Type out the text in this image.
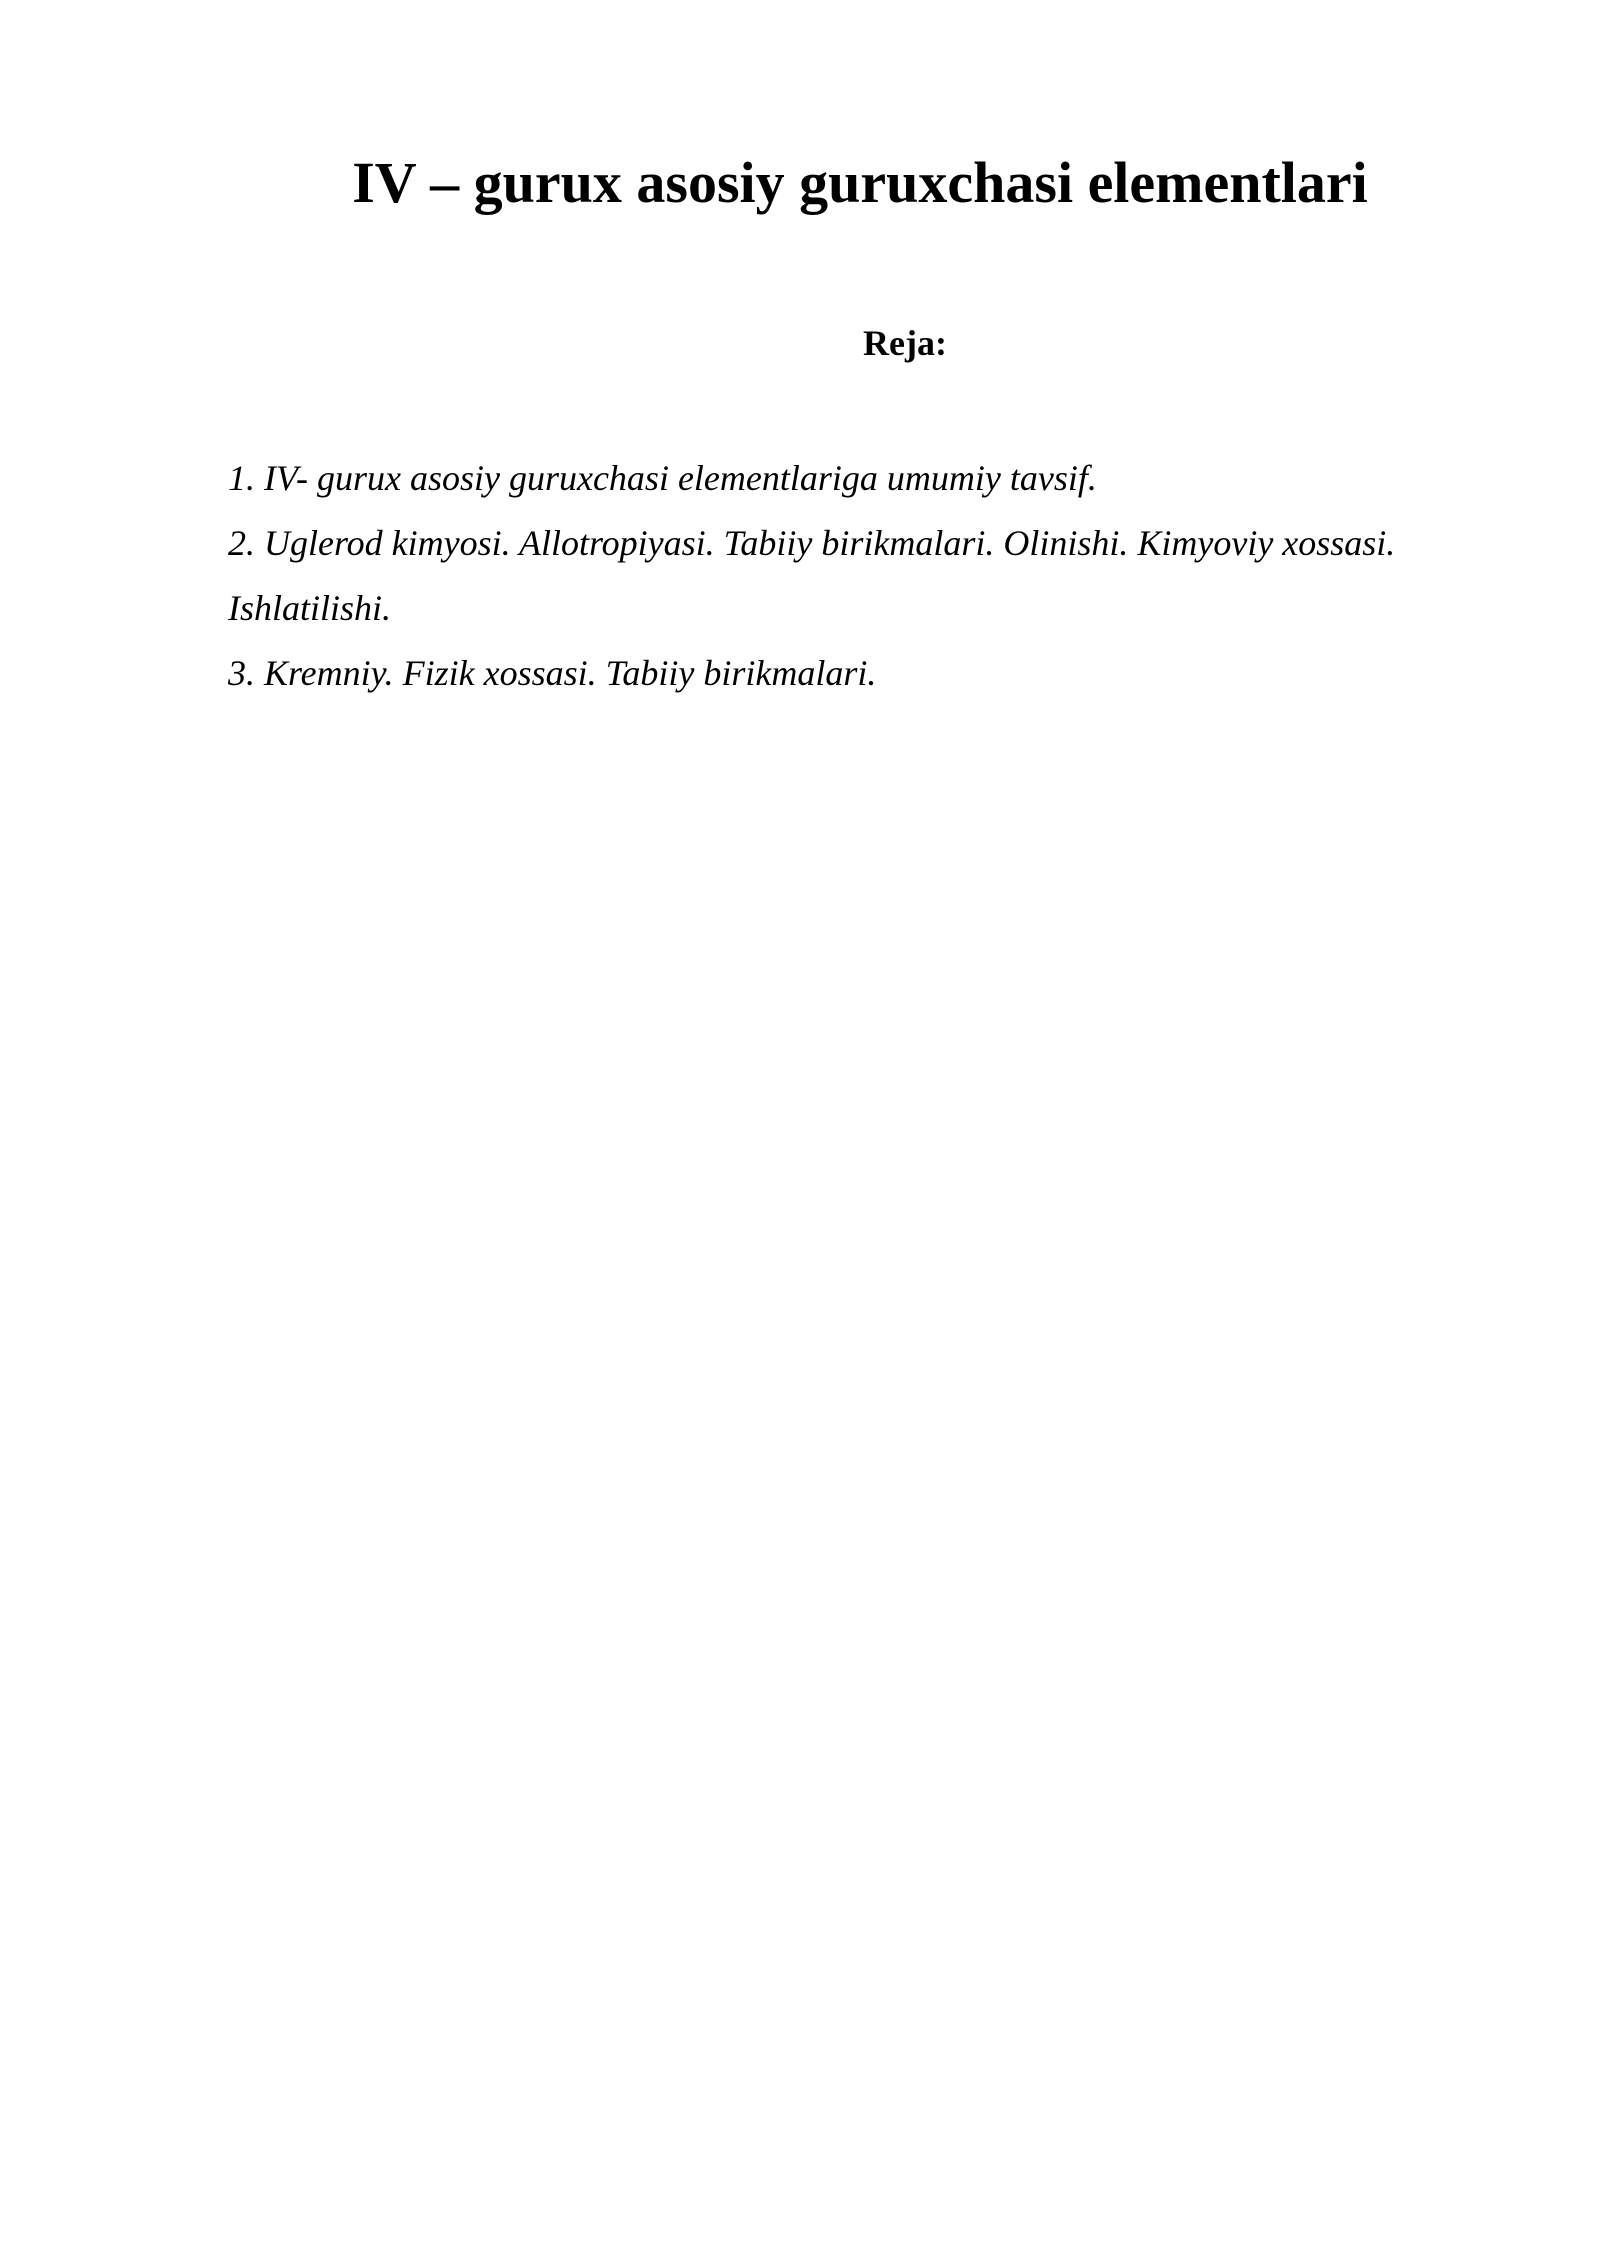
IV – gurux asosiy guruxchasi elementlari
Reja:
1. IV- gurux asosiy guruxchasi elementlariga umumiy tavsif.
2. Uglerod kimyosi. Allotropiyasi. Tabiiy birikmalari. Olinishi. Kimyoviy xossasi. Ishlatilishi.
3. Kremniy. Fizik xossasi. Tabiiy birikmalari.
